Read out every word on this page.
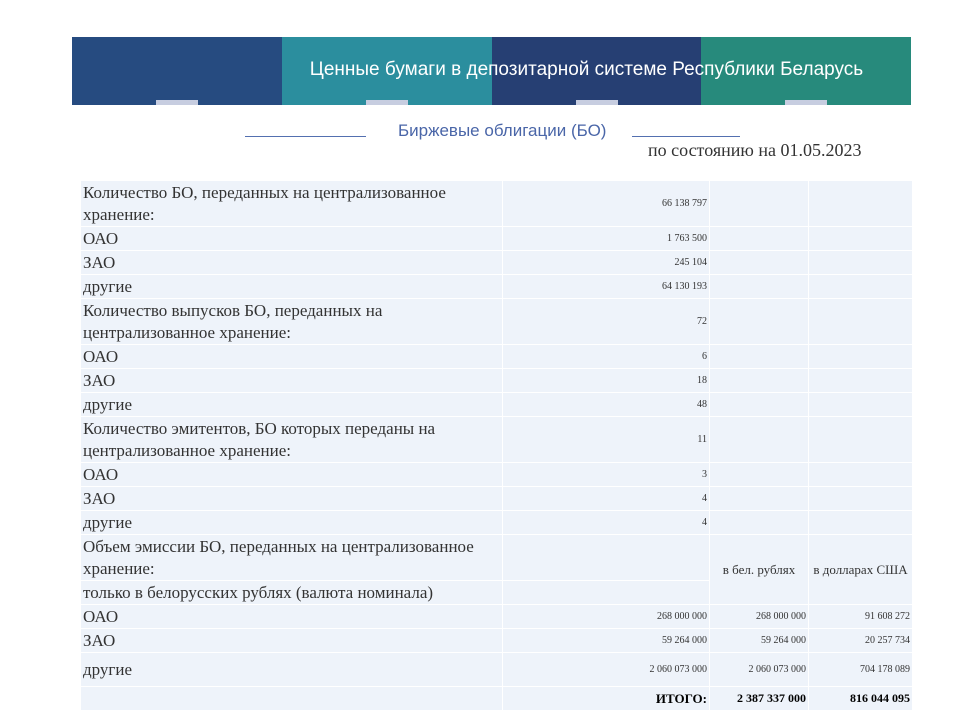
Ценные бумаги в депозитарной системе Республики Беларусь
Биржевые облигации (БО)
по состоянию на 01.05.2023
Количество БО, переданных на централизованное хранение:	66 138 797		
ОАО	1 763 500		
ЗАО	245 104		
другие	64 130 193		
Количество выпусков БО, переданных на централизованное хранение:	72		
ОАО	6		
ЗАО	18		
другие	48		
Количество эмитентов, БО которых переданы на централизованное хранение:	11		
ОАО	3		
ЗАО	4		
другие	4		
Объем эмиссии БО, переданных на централизованное хранение:		в бел. рублях	в долларах США
только в белорусских рублях (валюта номинала)			
ОАО	268 000 000	268 000 000	91 608 272
ЗАО	59 264 000	59 264 000	20 257 734
другие	2 060 073 000	2 060 073 000	704 178 089
	ИТОГО:	2 387 337 000	816 044 095
